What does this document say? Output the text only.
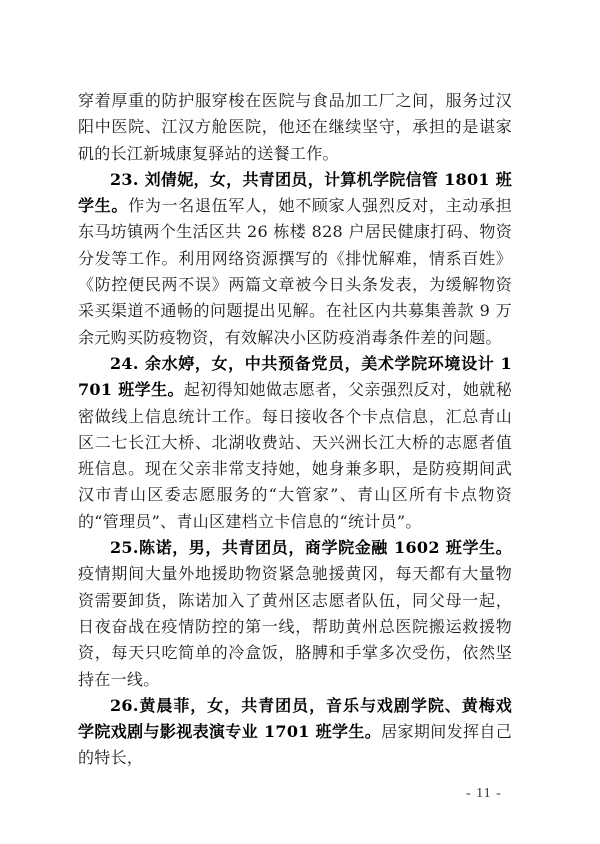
穿着厚重的防护服穿梭在医院与食品加工厂之间，服务过汉阳中医院、江汉方舱医院，他还在继续坚守，承担的是谌家矶的长江新城康复驿站的送餐工作。

23. 刘倩妮，女，共青团员，计算机学院信管 1801 班学生。作为一名退伍军人，她不顾家人强烈反对，主动承担东马坊镇两个生活区共 26 栋楼 828 户居民健康打码、物资分发等工作。利用网络资源撰写的《排忧解难，情系百姓》《防控便民两不误》两篇文章被今日头条发表，为缓解物资采买渠道不通畅的问题提出见解。在社区内共募集善款 9 万余元购买防疫物资，有效解决小区防疫消毒条件差的问题。

24. 余水婷，女，中共预备党员，美术学院环境设计 1701 班学生。起初得知她做志愿者，父亲强烈反对，她就秘密做线上信息统计工作。每日接收各个卡点信息，汇总青山区二七长江大桥、北湖收费站、天兴洲长江大桥的志愿者值班信息。现在父亲非常支持她，她身兼多职，是防疫期间武汉市青山区委志愿服务的“大管家”、青山区所有卡点物资的“管理员”、青山区建档立卡信息的“统计员”。

25.陈诺，男，共青团员，商学院金融 1602 班学生。疫情期间大量外地援助物资紧急驰援黄冈，每天都有大量物资需要卸货，陈诺加入了黄州区志愿者队伍，同父母一起，日夜奋战在疫情防控的第一线，帮助黄州总医院搬运救援物资，每天只吃简单的冷盒饭，胳膊和手掌多次受伤，依然坚持在一线。

26.黄晨菲，女，共青团员，音乐与戏剧学院、黄梅戏学院戏剧与影视表演专业 1701 班学生。居家期间发挥自己的特长，

- 11 -
